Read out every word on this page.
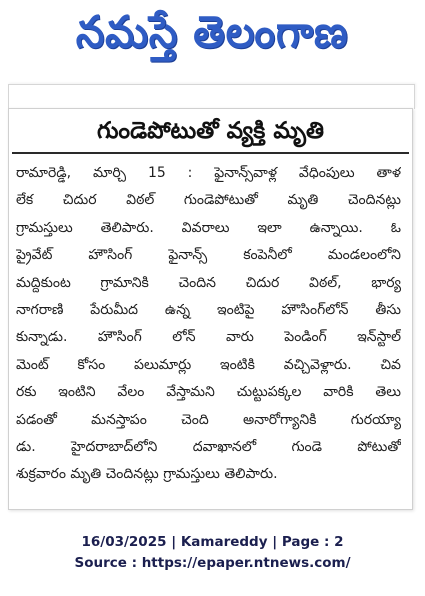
నమస్తే తెలంగాణ
గుండెపోటుతో వ్యక్తి మృతి
రామారెడ్డి, మార్చి 15 : ఫైనాన్స్‌వాళ్ల వేధింపులు తాళ
లేక చిదుర విఠల్ గుండెపోటుతో మృతి చెందినట్లు
గ్రామస్తులు తెలిపారు. వివరాలు ఇలా ఉన్నాయి. ఓ
ప్రైవేట్ హౌసింగ్ ఫైనాన్స్ కంపెనీలో మండలంలోని
మద్దికుంట గ్రామానికి చెందిన చిదుర విఠల్, భార్య
నాగరాణి పేరుమీద ఉన్న ఇంటిపై హౌసింగ్‌లోన్ తీసు
కున్నాడు. హౌసింగ్ లోన్ వారు పెండింగ్ ఇన్‌స్టాల్
మెంట్ కోసం పలుమార్లు ఇంటికి వచ్చివెళ్లారు. చివ
రకు ఇంటిని వేలం వేస్తామని చుట్టుపక్కల వారికి తెలు
పడంతో మనస్తాపం చెంది అనారోగ్యానికి గురయ్యా
డు. హైదరాబాద్‌లోని దవాఖానలో గుండె పోటుతో
శుక్రవారం మృతి చెందినట్లు గ్రామస్తులు తెలిపారు.
16/03/2025 | Kamareddy | Page : 2
Source : https://epaper.ntnews.com/
